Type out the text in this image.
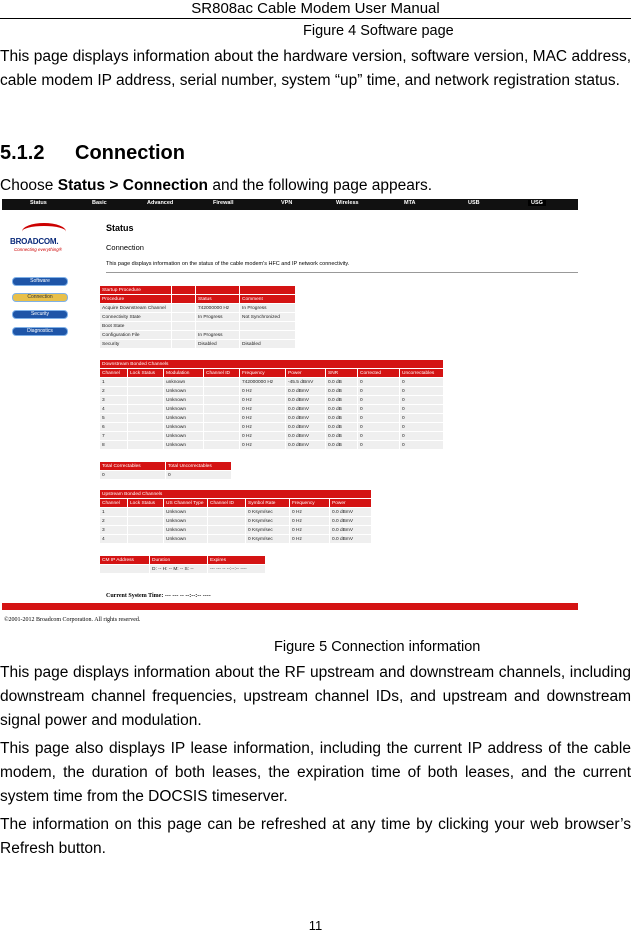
SR808ac Cable Modem User Manual
Figure 4 Software page
This page displays information about the hardware version, software version, MAC address, cable modem IP address, serial number, system “up” time, and network registration status.
5.1.2 Connection
Choose Status > Connection and the following page appears.
Status	Basic	Advanced	Firewall	VPN	Wireless	MTA	USB	USG
BROADCOM.
Connecting everything®
Software
Connection
Security
Diagnostics
Status
Connection
This page displays information on the status of the cable modem's HFC and IP network connectivity.
Startup Procedure			
Procedure		Status	Comment
Acquire Downstream Channel		742000000 Hz	In Progress
Connectivity State		In Progress	Not Synchronized
Boot State			
Configuration File		In Progress	
Security		Disabled	Disabled
Downstream Bonded Channels								
Channel	Lock Status	Modulation	Channel ID	Frequency	Power	SNR	Corrected	Uncorrectables
1		unknown		742000000 Hz	-45.5 dBmV	0.0 dB	0	0
2		Unknown		0 Hz	0.0 dBmV	0.0 dB	0	0
3		Unknown		0 Hz	0.0 dBmV	0.0 dB	0	0
4		Unknown		0 Hz	0.0 dBmV	0.0 dB	0	0
5		Unknown		0 Hz	0.0 dBmV	0.0 dB	0	0
6		Unknown		0 Hz	0.0 dBmV	0.0 dB	0	0
7		Unknown		0 Hz	0.0 dBmV	0.0 dB	0	0
8		Unknown		0 Hz	0.0 dBmV	0.0 dB	0	0
Total Correctables	Total Uncorrectables
0	0
Upstream Bonded Channels						
Channel	Lock Status	US Channel Type	Channel ID	Symbol Rate	Frequency	Power
1		Unknown		0 Ksym/sec	0 Hz	0.0 dBmV
2		Unknown		0 Ksym/sec	0 Hz	0.0 dBmV
3		Unknown		0 Ksym/sec	0 Hz	0.0 dBmV
4		Unknown		0 Ksym/sec	0 Hz	0.0 dBmV
CM IP Address	Duration	Expires
	D: -- H: -- M: -- S: --	--- --- -- --:--:-- ----
Current System Time: --- --- -- --:--:-- ----
©2001-2012 Broadcom Corporation. All rights reserved.
Figure 5 Connection information
This page displays information about the RF upstream and downstream channels, including downstream channel frequencies, upstream channel IDs, and upstream and downstream signal power and modulation.
This page also displays IP lease information, including the current IP address of the cable modem, the duration of both leases, the expiration time of both leases, and the current system time from the DOCSIS timeserver.
The information on this page can be refreshed at any time by clicking your web browser’s Refresh button.
11
